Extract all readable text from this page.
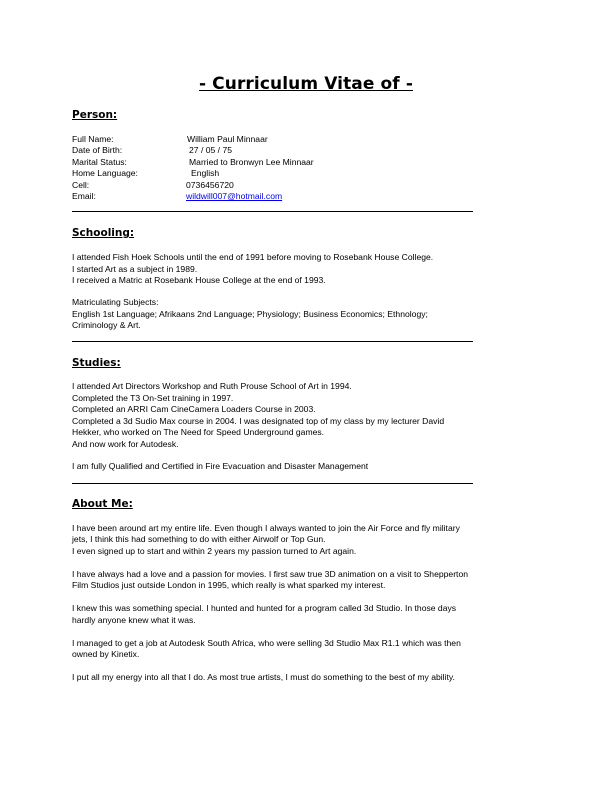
- Curriculum Vitae of -
Person:
Full Name:	William Paul Minnaar
Date of Birth:	27 / 05 / 75
Marital Status:	Married to Bronwyn Lee Minnaar
Home Language:	English
Cell:	0736456720
Email:	wildwill007@hotmail.com
Schooling:
I attended Fish Hoek Schools until the end of 1991 before moving to Rosebank House College.
I started Art as a subject in 1989.
I received a Matric at Rosebank House College at the end of 1993.
Matriculating Subjects:
English 1st Language; Afrikaans 2nd Language; Physiology; Business Economics; Ethnology;
Criminology & Art.
Studies:
I attended Art Directors Workshop and Ruth Prouse School of Art in 1994.
Completed the T3 On-Set training in 1997.
Completed an ARRI Cam CineCamera Loaders Course in 2003.
Completed a 3d Sudio Max course in 2004. I was designated top of my class by my lecturer David
Hekker, who worked on The Need for Speed Underground games.
And now work for Autodesk.
I am fully Qualified and Certified in Fire Evacuation and Disaster Management
About Me:
I have been around art my entire life. Even though I always wanted to join the Air Force and fly military
jets, I think this had something to do with either Airwolf or Top Gun.
I even signed up to start and within 2 years my passion turned to Art again.
I have always had a love and a passion for movies. I first saw true 3D animation on a visit to Shepperton
Film Studios just outside London in 1995, which really is what sparked my interest.
I knew this was something special. I hunted and hunted for a program called 3d Studio. In those days
hardly anyone knew what it was.
I managed to get a job at Autodesk South Africa, who were selling 3d Studio Max R1.1 which was then
owned by Kinetix.
I put all my energy into all that I do. As most true artists, I must do something to the best of my ability.
